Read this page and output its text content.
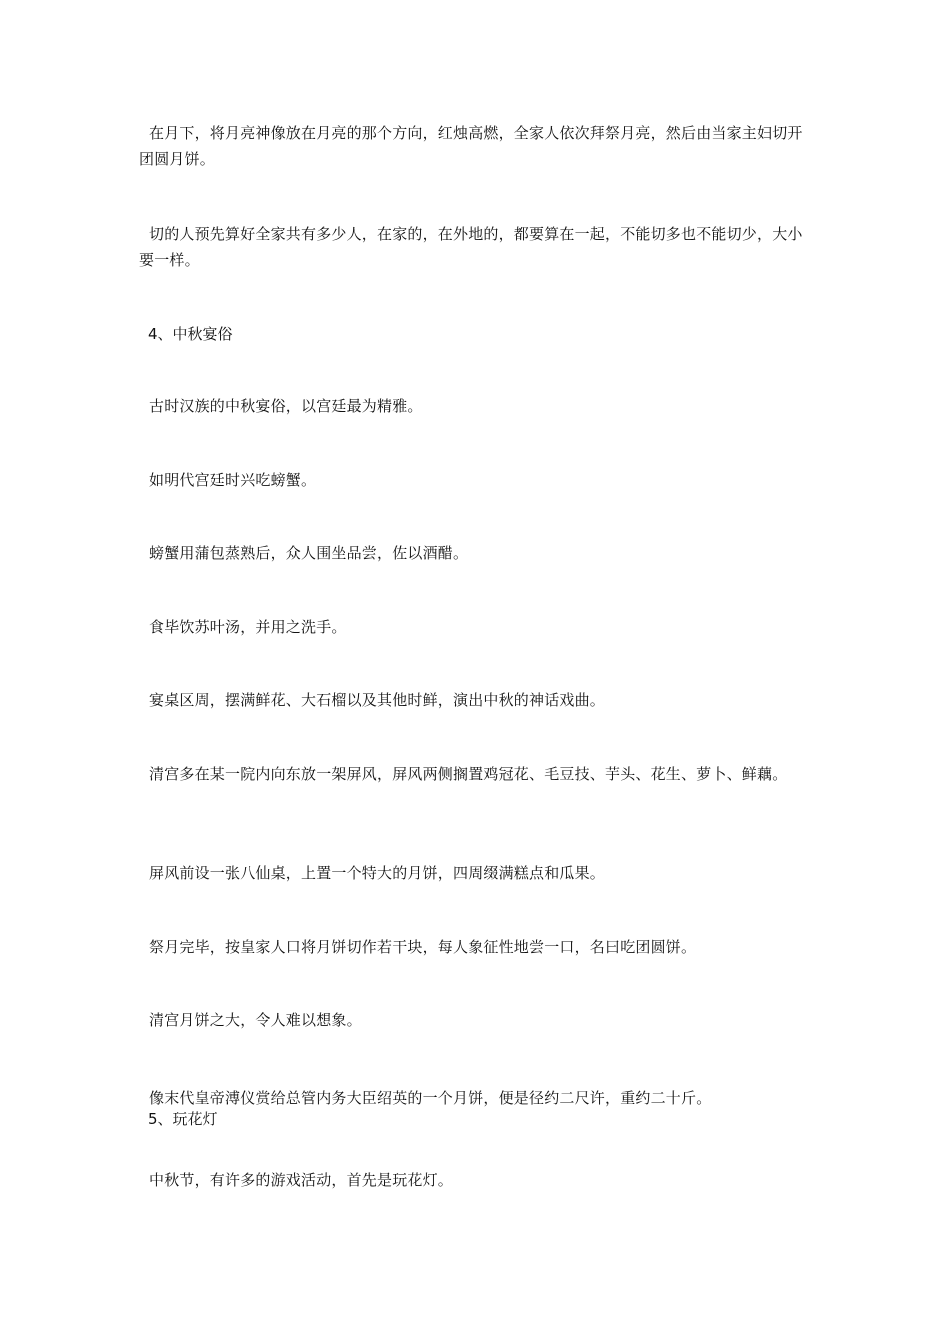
在月下，将月亮神像放在月亮的那个方向，红烛高燃，全家人依次拜祭月亮，然后由当家主妇切开团圆月饼。

切的人预先算好全家共有多少人，在家的，在外地的，都要算在一起，不能切多也不能切少，大小要一样。

4、中秋宴俗

古时汉族的中秋宴俗，以宫廷最为精雅。

如明代宫廷时兴吃螃蟹。

螃蟹用蒲包蒸熟后，众人围坐品尝，佐以酒醋。

食毕饮苏叶汤，并用之洗手。

宴桌区周，摆满鲜花、大石榴以及其他时鲜，演出中秋的神话戏曲。

清宫多在某一院内向东放一架屏风，屏风两侧搁置鸡冠花、毛豆技、芋头、花生、萝卜、鲜藕。

屏风前设一张八仙桌，上置一个特大的月饼，四周缀满糕点和瓜果。

祭月完毕，按皇家人口将月饼切作若干块，每人象征性地尝一口，名曰吃团圆饼。

清宫月饼之大，令人难以想象。

像末代皇帝溥仪赏给总管内务大臣绍英的一个月饼，便是径约二尺许，重约二十斤。

5、玩花灯

中秋节，有许多的游戏活动，首先是玩花灯。
